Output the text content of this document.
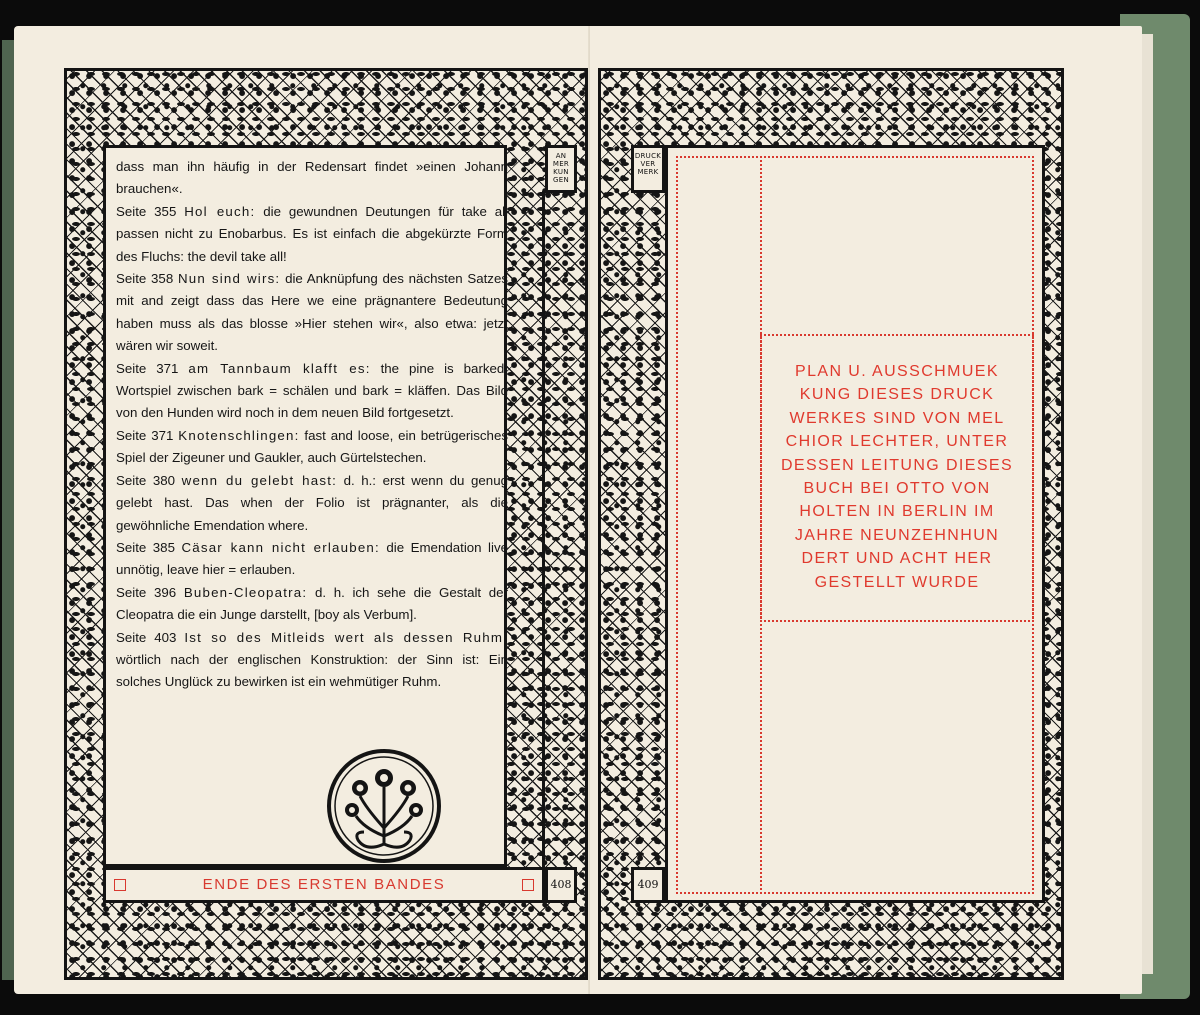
dass man ihn häufig in der Redensart findet »einen Johann brauchen«.

Seite 355 Hol euch: die gewundnen Deutungen für take all passen nicht zu Enobarbus. Es ist einfach die abgekürzte Form des Fluchs: the devil take all!

Seite 358 Nun sind wirs: die Anknüpfung des nächsten Satzes mit and zeigt dass das Here we eine prägnantere Bedeutung haben muss als das blosse »Hier stehen wir«, also etwa: jetzt wären wir soweit.

Seite 371 am Tannbaum klafft es: the pine is barked: Wortspiel zwischen bark = schälen und bark = kläffen. Das Bild von den Hunden wird noch in dem neuen Bild fortgesetzt.

Seite 371 Knotenschlingen: fast and loose, ein betrügerisches Spiel der Zigeuner und Gaukler, auch Gürtelstechen.

Seite 380 wenn du gelebt hast: d. h.: erst wenn du genug gelebt hast. Das when der Folio ist prägnanter, als die gewöhnliche Emendation where.

Seite 385 Cäsar kann nicht erlauben: die Emendation live unnötig, leave hier = erlauben.

Seite 396 Buben-Cleopatra: d. h. ich sehe die Gestalt der Cleopatra die ein Junge darstellt, [boy als Verbum].

Seite 403 Ist so des Mitleids wert als dessen Ruhm: wörtlich nach der englischen Konstruktion: der Sinn ist: Ein solches Unglück zu bewirken ist ein wehmütiger Ruhm.

AN
MER
KUN
GEN
ENDE DES ERSTEN BANDES	408
DRUCK
VER
MERK
409
PLAN U. AUSSCHMUEK
KUNG DIESES DRUCK
WERKES SIND VON MEL
CHIOR LECHTER, UNTER
DESSEN LEITUNG DIESES
BUCH BEI OTTO VON
HOLTEN IN BERLIN IM
JAHRE NEUNZEHNHUN
DERT UND ACHT HER
GESTELLT WURDE
